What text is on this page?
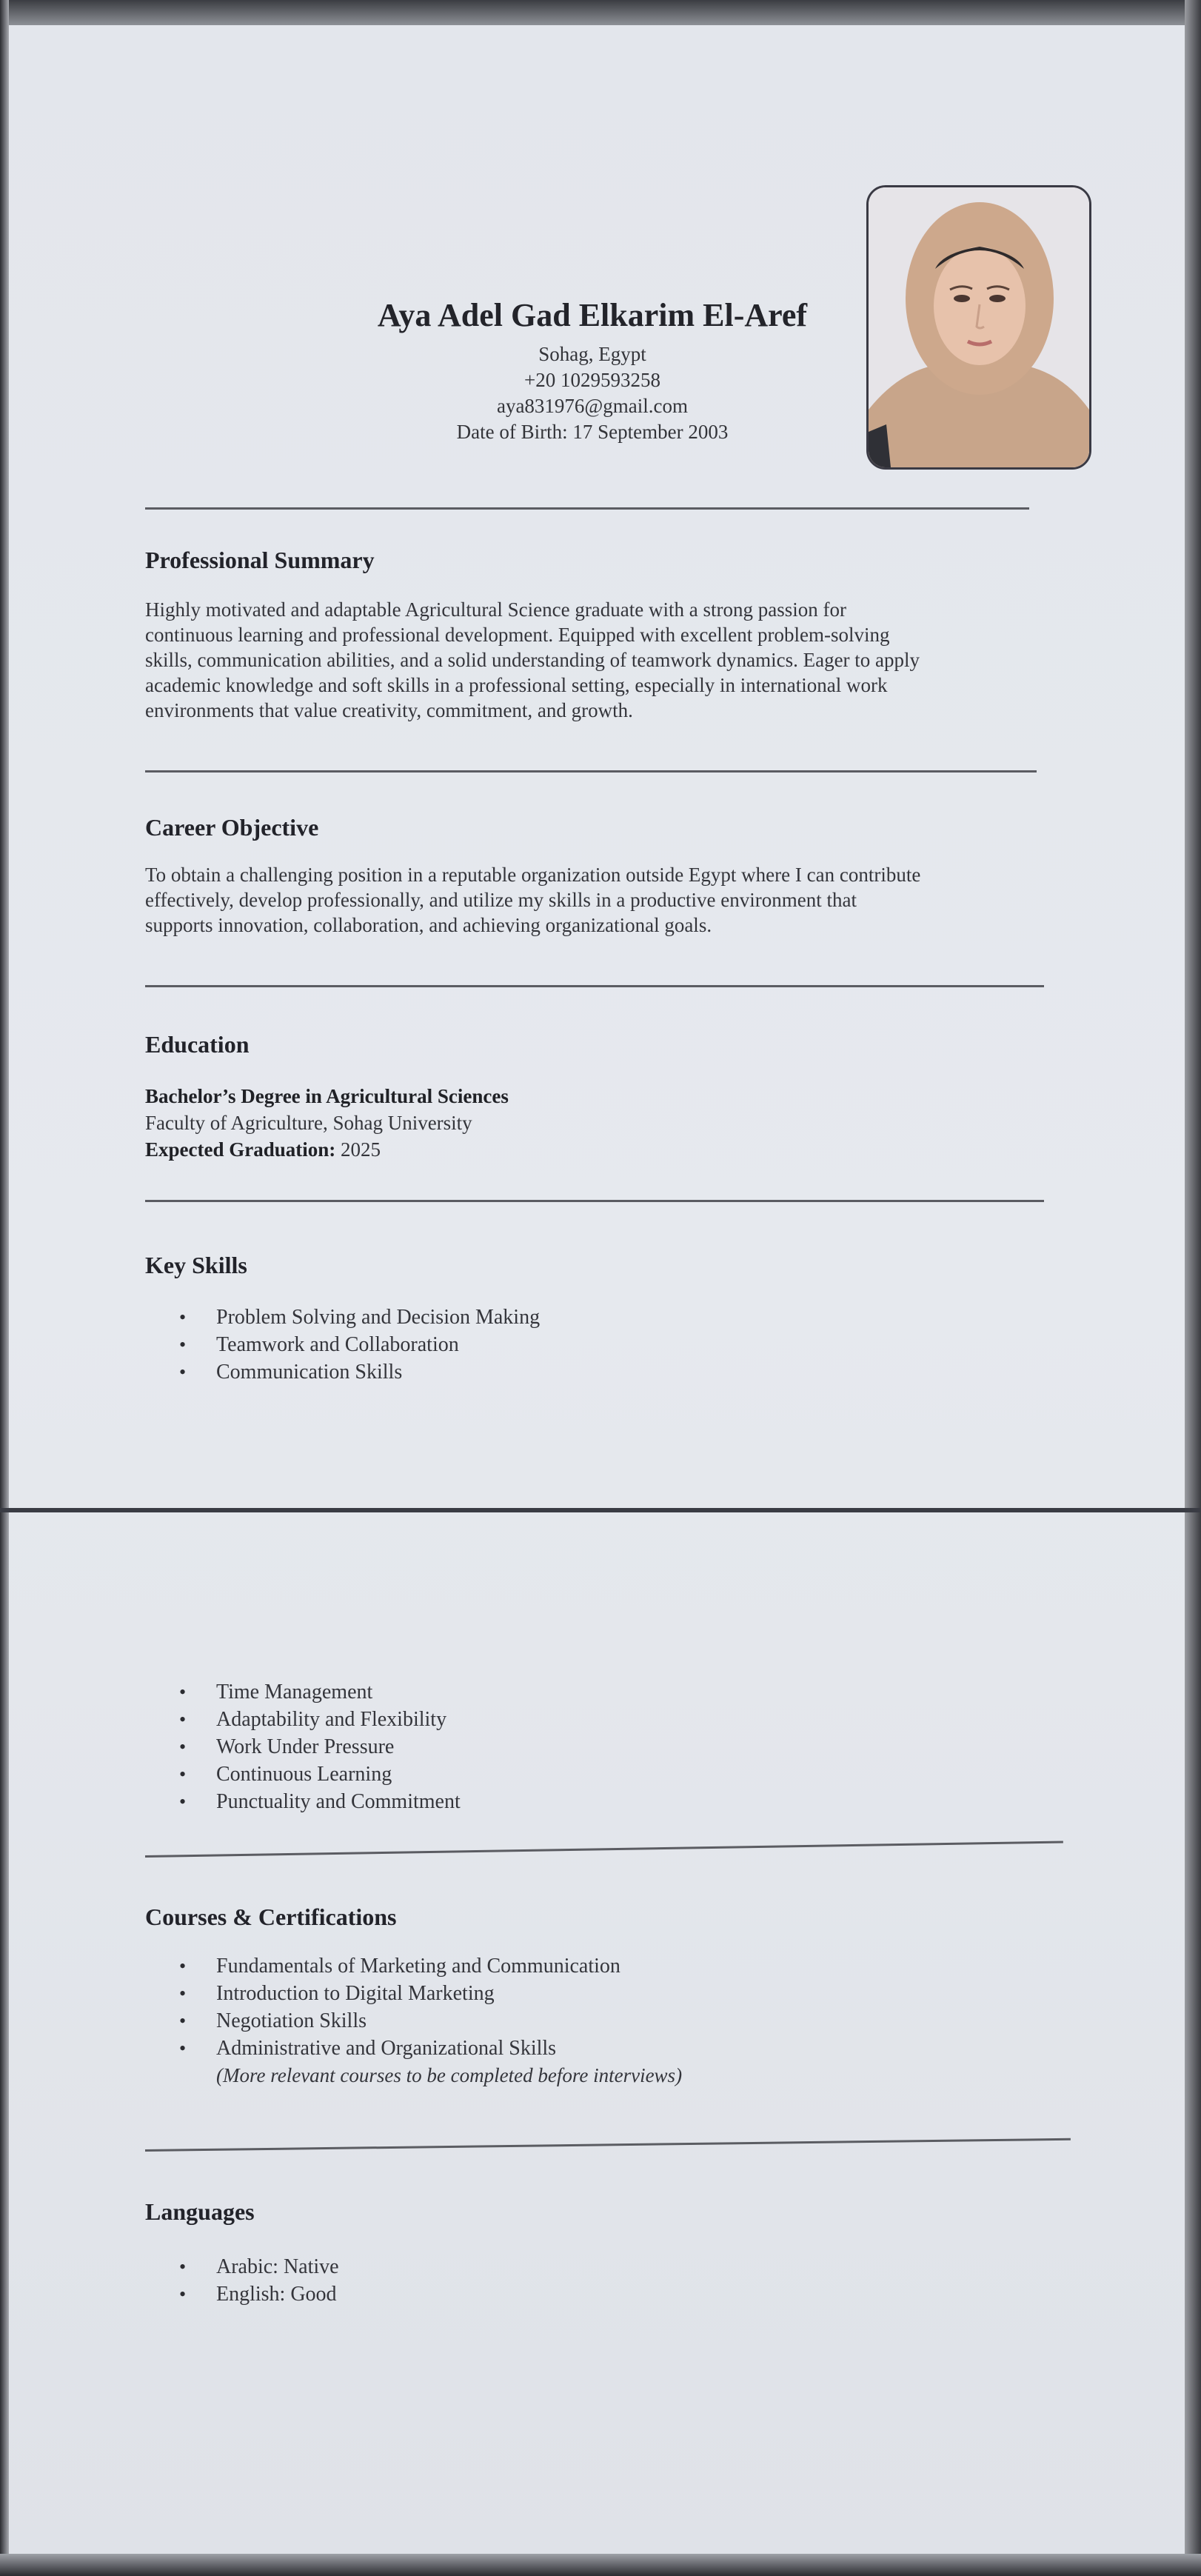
Aya Adel Gad Elkarim El-Aref
Sohag, Egypt
+20 1029593258
aya831976@gmail.com
Date of Birth: 17 September 2003
Professional Summary
Highly motivated and adaptable Agricultural Science graduate with a strong passion for
continuous learning and professional development. Equipped with excellent problem-solving
skills, communication abilities, and a solid understanding of teamwork dynamics. Eager to apply
academic knowledge and soft skills in a professional setting, especially in international work
environments that value creativity, commitment, and growth.
Career Objective
To obtain a challenging position in a reputable organization outside Egypt where I can contribute
effectively, develop professionally, and utilize my skills in a productive environment that
supports innovation, collaboration, and achieving organizational goals.
Education
Bachelor’s Degree in Agricultural Sciences
Faculty of Agriculture, Sohag University
Expected Graduation: 2025
Key Skills
• Problem Solving and Decision Making
• Teamwork and Collaboration
• Communication Skills
• Time Management
• Adaptability and Flexibility
• Work Under Pressure
• Continuous Learning
• Punctuality and Commitment
Courses & Certifications
• Fundamentals of Marketing and Communication
• Introduction to Digital Marketing
• Negotiation Skills
• Administrative and Organizational Skills
(More relevant courses to be completed before interviews)
Languages
• Arabic: Native
• English: Good
